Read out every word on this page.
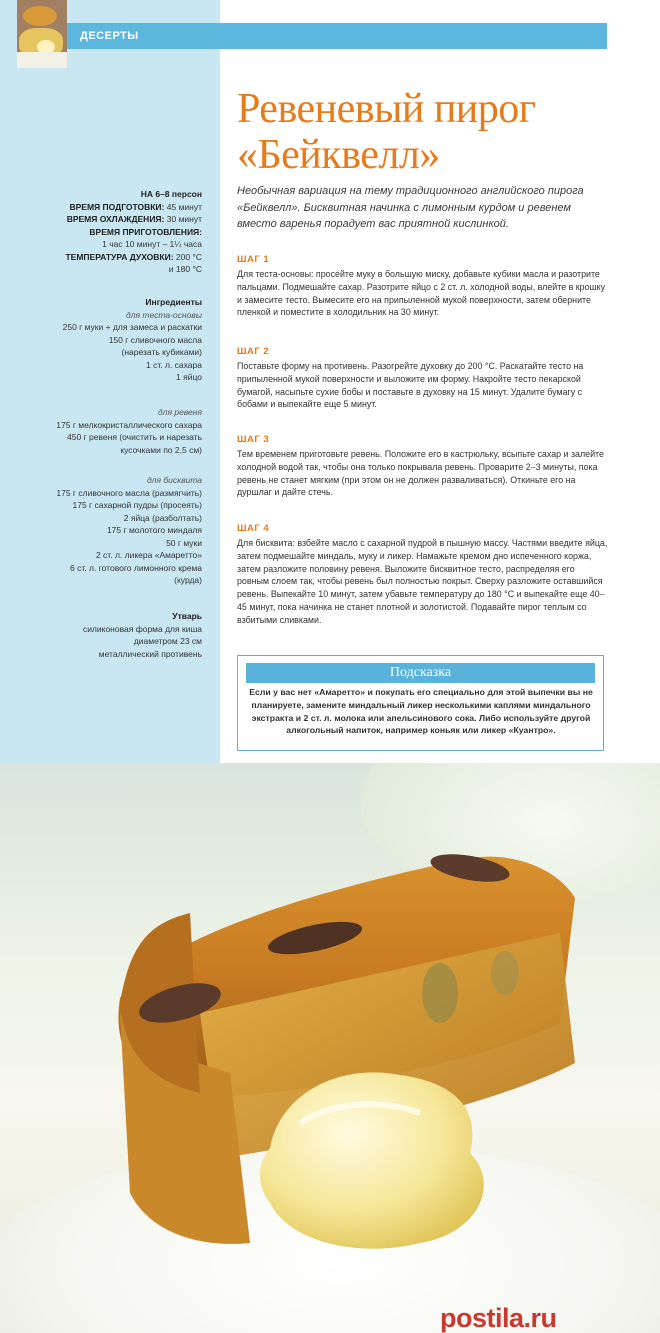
ДЕСЕРТЫ
НА 6–8 персон
ВРЕМЯ ПОДГОТОВКИ: 45 минут
ВРЕМЯ ОХЛАЖДЕНИЯ: 30 минут
ВРЕМЯ ПРИГОТОВЛЕНИЯ:
1 час 10 минут – 1¼ часа
ТЕМПЕРАТУРА ДУХОВКИ: 200 °C
и 180 °C
Ингредиенты
для теста-основы
250 г муки + для замеса и раскатки
150 г сливочного масла
(нарезать кубиками)
1 ст. л. сахара
1 яйцо
для ревеня
175 г мелкокристаллического сахара
450 г ревеня (очистить и нарезать
кусочками по 2,5 см)
для бисквита
175 г сливочного масла (размягчить)
175 г сахарной пудры (просеять)
2 яйца (разболтать)
175 г молотого миндаля
50 г муки
2 ст. л. ликера «Амаретто»
6 ст. л. готового лимонного крема
(курда)
Утварь
силиконовая форма для киша
диаметром 23 см
металлический противень
Ревеневый пирог
«Бейквелл»
Необычная вариация на тему традиционного английского пирога «Бейквелл». Бисквитная начинка с лимонным курдом и ревенем вместо варенья порадует вас приятной кислинкой.
ШАГ 1
Для теста-основы: просейте муку в большую миску, добавьте кубики масла и разотрите пальцами. Подмешайте сахар. Разотрите яйцо с 2 ст. л. холодной воды, влейте в крошку и замесите тесто. Вымесите его на припыленной мукой поверхности, затем оберните пленкой и поместите в холодильник на 30 минут.
ШАГ 2
Поставьте форму на противень. Разогрейте духовку до 200 °C. Раскатайте тесто на припыленной мукой поверхности и выложите им форму. Накройте тесто пекарской бумагой, насыпьте сухие бобы и поставьте в духовку на 15 минут. Удалите бумагу с бобами и выпекайте еще 5 минут.
ШАГ 3
Тем временем приготовьте ревень. Положите его в кастрюльку, всыпьте сахар и залейте холодной водой так, чтобы она только покрывала ревень. Проварите 2–3 минуты, пока ревень не станет мягким (при этом он не должен разваливаться). Откиньте его на дуршлаг и дайте стечь.
ШАГ 4
Для бисквита: взбейте масло с сахарной пудрой в пышную массу. Частями введите яйца, затем подмешайте миндаль, муку и ликер. Намажьте кремом дно испеченного коржа, затем разложите половину ревеня. Выложите бисквитное тесто, распределяя его ровным слоем так, чтобы ревень был полностью покрыт. Сверху разложите оставшийся ревень. Выпекайте 10 минут, затем убавьте температуру до 180 °C и выпекайте еще 40–45 минут, пока начинка не станет плотной и золотистой. Подавайте пирог теплым со взбитыми сливками.
Подсказка
Если у вас нет «Амаретто» и покупать его специально для этой выпечки вы не планируете, замените миндальный ликер несколькими каплями миндального экстракта и 2 ст. л. молока или апельсинового сока. Либо используйте другой алкогольный напиток, например коньяк или ликер «Куантро».
postila.ru
